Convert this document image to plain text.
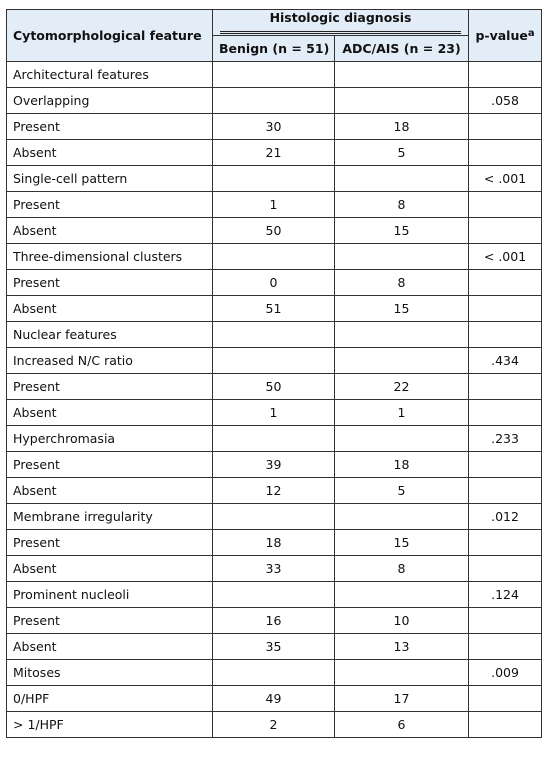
Cytomorphological feature	Histologic diagnosis		p-value$^a$
	Benign (n = 51)	ADC/AIS (n = 23)	
Architectural features			
Overlapping			.058
Present	30	18	
Absent	21	5	
Single-cell pattern			< .001
Present	1	8	
Absent	50	15	
Three-dimensional clusters			< .001
Present	0	8	
Absent	51	15	
Nuclear features			
Increased N/C ratio			.434
Present	50	22	
Absent	1	1	
Hyperchromasia			.233
Present	39	18	
Absent	12	5	
Membrane irregularity			.012
Present	18	15	
Absent	33	8	
Prominent nucleoli			.124
Present	16	10	
Absent	35	13	
Mitoses			.009
0/HPF	49	17	
> 1/HPF	2	6	
